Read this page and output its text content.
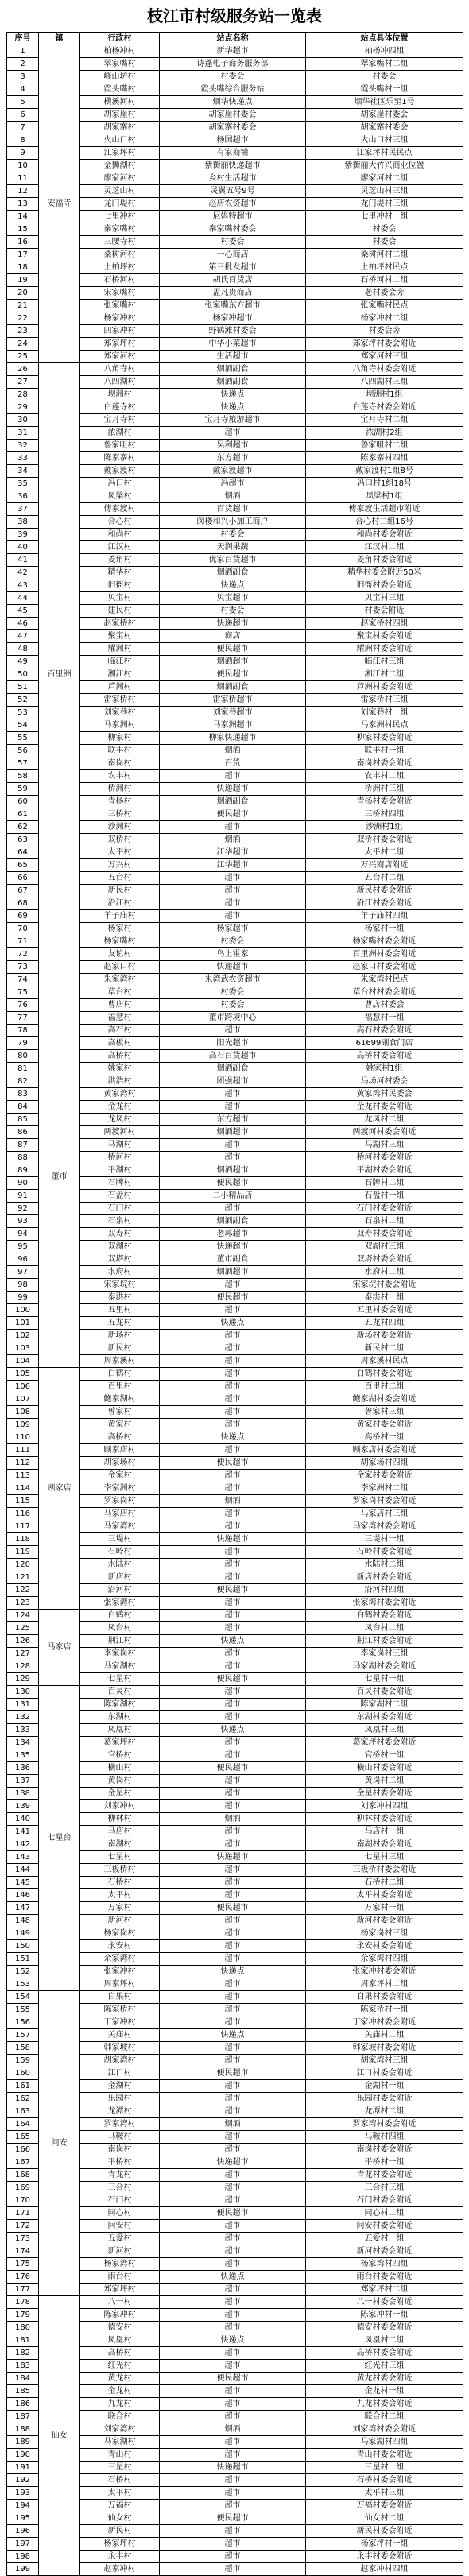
枝江市村级服务站一览表
序号	镇	行政村	站点名称	站点具体位置
1	安福寺	柏杨冲村	新华超市	柏杨冲四组
2		翠家嘴村	诗蓬电子商务服务部	翠家嘴村二组
3		峰山坊村	村委会	村委会
4		霞头嘴村	霞头嘴综合服务站	霞头嘴村一组
5		横溪河村	烟华快递点	烟华社区乐至1号
6		胡家崖村	胡家崖村委会	胡家崖村委会
7		胡家寨村	胡家寨村委会	胡家寨村委会
8		火山口村	杨国超市	火山口村三组
9		江家坪村	有家商铺	江家坪村民民点
10		金狮湖村	紫衡丽快递超市	紫衡丽大竹兴商业位置
11		廖家河村	乡村生活超市	廖家河村二组
12		灵芝山村	灵翼五号9号	灵芝山村三组
13		龙门堤村	赵店农资超市	龙门堤村三组
14		七里冲村	尼姆特超市	七里冲村一组
15		秦家嘴村	秦家嘴村委会	村委会
16		三腰寺村	村委会	村委会
17		桑树河村	一心商店	桑树河村二组
18		上柏坪村	第三批发超市	上柏坪村民点
19		石桥河村	胡氏百货店	石桥河村二组
20		宋家嘴村	孟凡贵商店	老村委会旁
21		张家嘴村	张家嘴东方超市	张家嘴村民点
22		杨家冲村	杨家冲超市	杨家冲村二组
23		四家冲村	野鹤滩村委会	村委会旁
24		郑家坪村	中华小菜超市	郑家坪村委会附近
25		郑家河村	生活超市	郑家河村三组
26	百里洲	八角寺村	烟酒副食	八角寺村委会附近
27		八四湖村	烟酒副食	八四湖村三组
28		坝洲村	快递点	坝洲村1组
29		白莲寺村	快递点	白莲寺村委会附近
30		宝月寺村	宝月寺旅游超市	宝月寺村二组
31		浓湖村	超市	浓湖村2组
32		鲁家咀村	吴利超市	鲁家咀村二组
33		陈家寨村	东方超市	陈家寨村四组
34		戴家渡村	戴家渡超市	戴家渡村1组8号
35		冯口村	冯超市	冯口村1组18号
36		凤梁村	烟酒	凤梁村1组
37		傅家渡村	百货超市	傅家渡生活超市附近
38		合心村	闵楼和兴小加工商户	合心村二组16号
39		和尚村	村委会	和尚村委会附近
40		江汉村	天润果蔬	江汉村二组
41		菱角村	优家百货超市	菱角村委会附近
42		精华村	烟酒副食	精华村委会附近50米
43		旧衙村	快递点	旧衙村委会附近
44		贝宝村	贝宝超市	贝宝村三组
45		建民村	村委会	村委会附近
46		赵家桥村	快递超市	赵家桥村四组
47		聚宝村	商店	聚宝村委会附近
48		耀洲村	便民超市	耀洲村委会附近
49		临江村	烟酒超市	临江村三组
50		湘江村	便民超市	湘江村二组
51		芦洲村	烟酒副食	芦洲村委会附近
52		雷家桥村	雷家桥超市	雷家桥村三组
53		刘家巷村	刘家巷超市	刘家巷村一组
54		马家洲村	马家洲超市	马家洲村民点
55		柳家村	柳家快递超市	柳家村委会附近
56		联丰村	烟酒	联丰村一组
57		南岗村	百货	南岗村委会附近
58		农丰村	超市	农丰村二组
59		桥洲村	快递超市	桥洲村三组
60		青杨村	烟酒副食	青杨村委会附近
61		三桥村	便民超市	三桥村四组
62		沙洲村	超市	沙洲村1组
63		双桥村	烟酒	双桥村委会附近
64		太平村	江华超市	太平村二组
65		万兴村	江华超市	万兴商店附近
66		五台村	超市	五台村二组
67		新民村	超市	新民村委会附近
68		沿江村	超市	沿江村委会附近
69		羊子庙村	超市	羊子庙村四组
70		杨家村	杨家超市	杨家村一组
71		杨家嘴村	村委会	杨家嘴村委会附近
72		友谊村	鸟上霍家	百里洲村委会附近
73		赵家口村	快递超市	赵家口村委会附近
74		朱家湾村	朱湾武农资超市	朱家湾村民点
75	董市	草台村	村委会	草台村村委会附近
76		曹店村	村委会	曹店村委会
77		福慧村	董市跨境中心	福慧村一组
78		高石村	超市	高石村委会附近
79		高板村	阳光超市	61699副食门店
80		高桥村	高石百货超市	高桥村委会附近
81		姚家村	烟酒副食	姚家村1组
82		洪浩村	团强超市	马场河村委会
83		黄家湾村	超市	黄家湾村民委会
84		金龙村	超市	金龙村委会附近
85		龙凤村	东方超市	龙凤村二组
86		两渡河村	烟酒超市	两渡河村委会附近
87		马湖村	超市	马湖村三组
88		桥河村	超市	桥河村委会附近
89		平湖村	烟酒超市	平湖村委会附近
90		石牌村	便民超市	石牌村二组
91		石盘村	二小精品店	石盘村一组
92		石门村	超市	石门村委会附近
93		石泉村	烟酒副食	石泉村二组
94		双寿村	老郭超市	双寿村委会附近
95		双湖村	快递超市	双湖村三组
96		双塔村	董市副食	双塔村委会附近
97		水府村	烟酒超市	水府村二组
98		宋家垸村	超市	宋家垸村委会附近
99		泰洪村	便民超市	泰洪村一组
100		五里村	超市	五里村委会附近
101		五龙村	快递点	五龙村四组
102		新场村	超市	新场村委会附近
103		新民村	超市	新民村二组
104		周家溪村	超市	周家溪村民点
105	顾家店	白鹤村	超市	白鹤村委会附近
106		百里村	超市	百里村二组
107		鲍家湖村	超市	鲍家湖村委会附近
108		曾家村	超市	曾家村三组
109		黄家村	超市	黄家村委会附近
110		高桥村	快递点	高桥村一组
111		顾家店村	超市	顾家店村委会附近
112		胡家场村	便民超市	胡家场村四组
113		金家村	超市	金家村委会附近
114		李家洲村	超市	李家洲村二组
115		罗家岗村	烟酒	罗家岗村委会附近
116		马家店村	超市	马家店村三组
117		马家湾村	超市	马家湾村委会附近
118		三堤村	快递超市	三堤村一组
119		石岭村	超市	石岭村委会附近
120		水陆村	超市	水陆村二组
121		新店村	超市	新店村委会附近
122		沿河村	便民超市	沿河村四组
123		张家湾村	超市	张家湾村委会附近
124	马家店	白鹤村	超市	白鹤村委会附近
125		凤台村	超市	凤台村二组
126		荆江村	快递点	荆江村委会附近
127		李家岗村	超市	李家岗村三组
128		马家湖村	超市	马家湖村委会附近
129		七星村	便民超市	七星村一组
130	七星台	百灵村	超市	百灵村委会附近
131		陈家湖村	超市	陈家湖村二组
132		东湖村	超市	东湖村委会附近
133		凤凰村	快递点	凤凰村三组
134		葛家坪村	超市	葛家坪村委会附近
135		官桥村	超市	官桥村一组
136		横山村	便民超市	横山村委会附近
137		黄岗村	超市	黄岗村二组
138		金星村	超市	金星村委会附近
139		刘家冲村	超市	刘家冲村四组
140		柳林村	烟酒	柳林村委会附近
141		马店村	超市	马店村一组
142		南湖村	超市	南湖村委会附近
143		七星村	快递超市	七星村三组
144		三板桥村	超市	三板桥村委会附近
145		石桥村	超市	石桥村二组
146		太平村	超市	太平村委会附近
147		万家村	便民超市	万家村一组
148		新河村	超市	新河村委会附近
149		杨家岗村	超市	杨家岗村三组
150		永安村	超市	永安村委会附近
151		余家湾村	超市	余家湾村四组
152		张家冲村	快递点	张家冲村委会附近
153		周家坪村	超市	周家坪村二组
154	问安	白果村	超市	白果村委会附近
155		陈家桥村	超市	陈家桥村一组
156		丁家冲村	超市	丁家冲村委会附近
157		关庙村	快递点	关庙村二组
158		韩家坡村	超市	韩家坡村委会附近
159		胡家湾村	超市	胡家湾村三组
160		江口村	便民超市	江口村委会附近
161		金湖村	超市	金湖村一组
162		乐园村	超市	乐园村委会附近
163		龙潭村	超市	龙潭村二组
164		罗家湾村	烟酒	罗家湾村委会附近
165		马鞍村	超市	马鞍村四组
166		南岗村	超市	南岗村委会附近
167		平桥村	快递超市	平桥村一组
168		青龙村	超市	青龙村委会附近
169		三合村	超市	三合村三组
170		石门村	超市	石门村委会附近
171		同心村	便民超市	同心村二组
172		问安村	超市	问安村委会附近
173		五爱村	超市	五爱村一组
174		新河村	超市	新河村委会附近
175		杨家湾村	超市	杨家湾村四组
176		雨台村	快递点	雨台村委会附近
177		郑家坪村	超市	郑家坪村二组
178	仙女	八一村	超市	八一村委会附近
179		陈家冲村	超市	陈家冲村一组
180		德安村	超市	德安村委会附近
181		凤凰村	快递点	凤凰村二组
182		高桥村	超市	高桥村委会附近
183		红光村	超市	红光村三组
184		黄龙村	便民超市	黄龙村委会附近
185		金龙村	超市	金龙村一组
186		九龙村	超市	九龙村委会附近
187		联合村	超市	联合村二组
188		刘家湾村	烟酒	刘家湾村委会附近
189		马家湖村	超市	马家湖村四组
190		青山村	超市	青山村委会附近
191		三星村	快递超市	三星村一组
192		石桥村	超市	石桥村委会附近
193		太平村	超市	太平村三组
194		万福村	超市	万福村委会附近
195		仙女村	便民超市	仙女村二组
196		新民村	超市	新民村委会附近
197		杨家坪村	超市	杨家坪村一组
198		永丰村	超市	永丰村委会附近
199		赵家冲村	超市	赵家冲村四组
